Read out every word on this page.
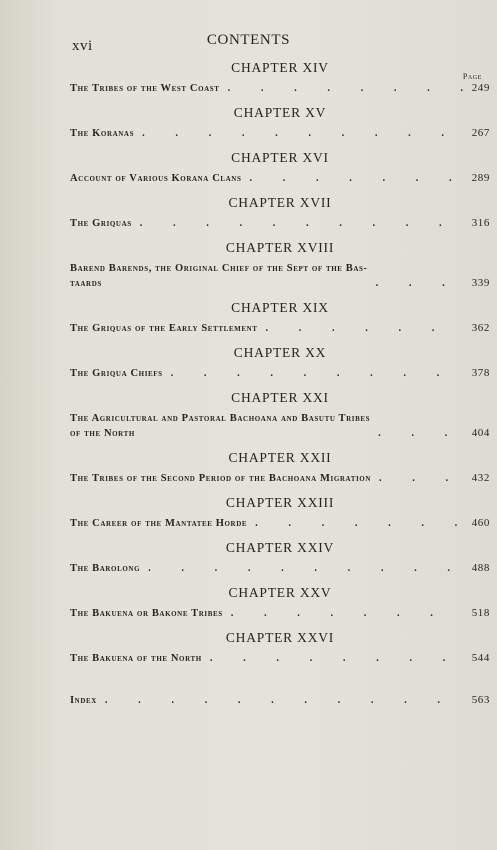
xvi	CONTENTS
Page
CHAPTER XIV
The Tribes of the West Coast . . .	249
CHAPTER XV
The Koranas . . .	267
CHAPTER XVI
Account of Various Korana Clans . . .	289
CHAPTER XVII
The Griquas . . .	316
CHAPTER XVIII
Barend Barends, the Original Chief of the Sept of the Bas-
taards . . .	339
CHAPTER XIX
The Griquas of the Early Settlement . . .	362
CHAPTER XX
The Griqua Chiefs . . .	378
CHAPTER XXI
The Agricultural and Pastoral Bachoana and Basutu Tribes
of the North . . .	404
CHAPTER XXII
The Tribes of the Second Period of the Bachoana Migration . . .	432
CHAPTER XXIII
The Career of the Mantatee Horde . . .	460
CHAPTER XXIV
The Barolong . . .	488
CHAPTER XXV
The Bakuena or Bakone Tribes . . .	518
CHAPTER XXVI
The Bakuena of the North . . .	544
Index . . .	563
